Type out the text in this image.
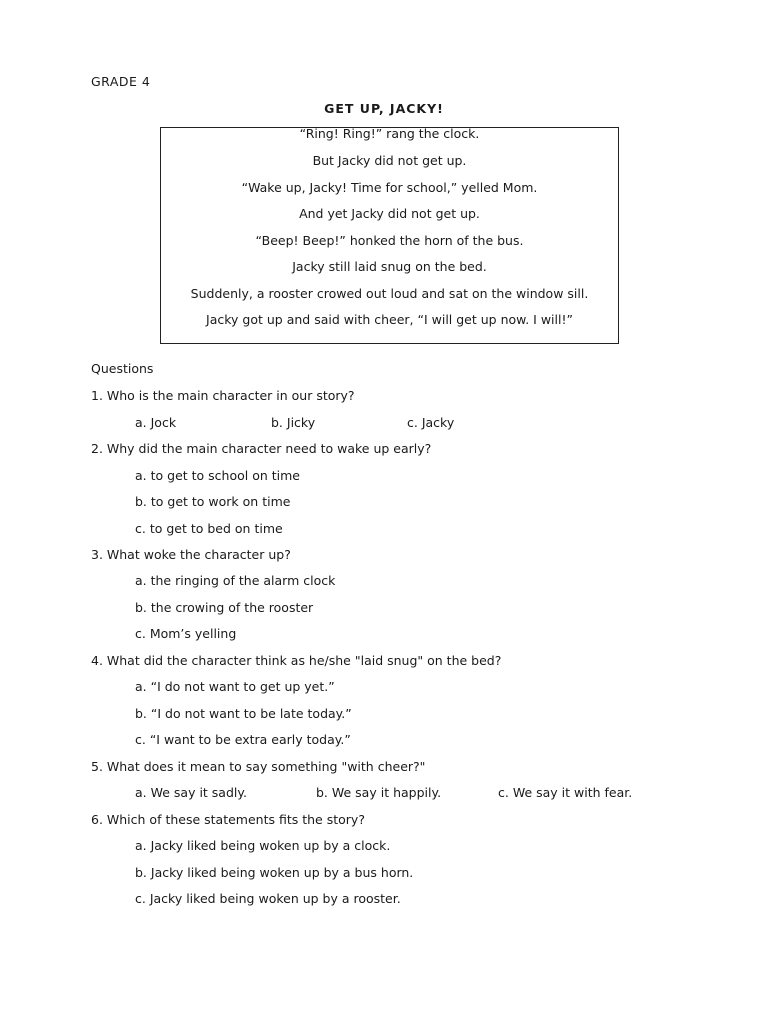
GRADE 4
GET UP, JACKY!
“Ring! Ring!” rang the clock.
But Jacky did not get up.
“Wake up, Jacky! Time for school,” yelled Mom.
And yet Jacky did not get up.
“Beep! Beep!” honked the horn of the bus.
Jacky still laid snug on the bed.
Suddenly, a rooster crowed out loud and sat on the window sill.
Jacky got up and said with cheer, “I will get up now. I will!”
Questions
1. Who is the main character in our story?
a. Jock	b. Jicky	c. Jacky
2. Why did the main character need to wake up early?
a. to get to school on time
b. to get to work on time
c. to get to bed on time
3. What woke the character up?
a. the ringing of the alarm clock
b. the crowing of the rooster
c. Mom’s yelling
4. What did the character think as he/she "laid snug" on the bed?
a. “I do not want to get up yet.”
b. “I do not want to be late today.”
c. “I want to be extra early today.”
5. What does it mean to say something "with cheer?"
a. We say it sadly.	b. We say it happily.	c. We say it with fear.
6. Which of these statements fits the story?
a. Jacky liked being woken up by a clock.
b. Jacky liked being woken up by a bus horn.
c. Jacky liked being woken up by a rooster.
